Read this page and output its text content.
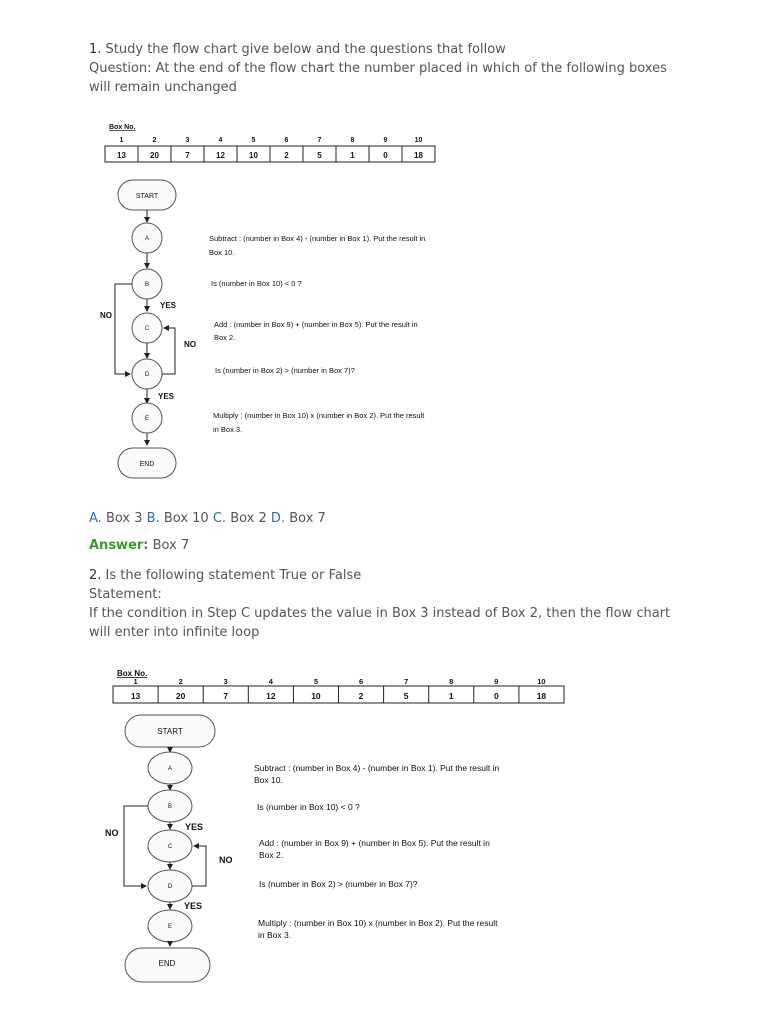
1. Study the flow chart give below and the questions that follow
Question: At the end of the flow chart the number placed in which of the following boxes will remain unchanged
Box No.
1	2	3	4	5	6	7	8	9	10
13	20	7	12	10	2	5	1	0	18
START
A
B
YES
C
D
YES
E
END
NO
NO
Subtract : (number in Box 4) - (number in Box 1). Put the result in
Box 10.
Is (number in Box 10) < 0 ?
Add : (number in Box 9) + (number in Box 5). Put the result in
Box 2.
Is (number in Box 2) > (number in Box 7)?
Multiply : (number in Box 10) x (number in Box 2). Put the result
in Box 3.
A. Box 3 B. Box 10 C. Box 2 D. Box 7
Answer: Box 7
2. Is the following statement True or False
Statement:
If the condition in Step C updates the value in Box 3 instead of Box 2, then the flow chart will enter into infinite loop
Box No.
1	2	3	4	5	6	7	8	9	10
13	20	7	12	10	2	5	1	0	18
START
A
B
YES
C
D
YES
E
END
NO
NO
Subtract : (number in Box 4) - (number in Box 1). Put the result in
Box 10.
Is (number in Box 10) < 0 ?
Add : (number in Box 9) + (number in Box 5). Put the result in
Box 2.
Is (number in Box 2) > (number in Box 7)?
Multiply : (number in Box 10) x (number in Box 2). Put the result
in Box 3.
